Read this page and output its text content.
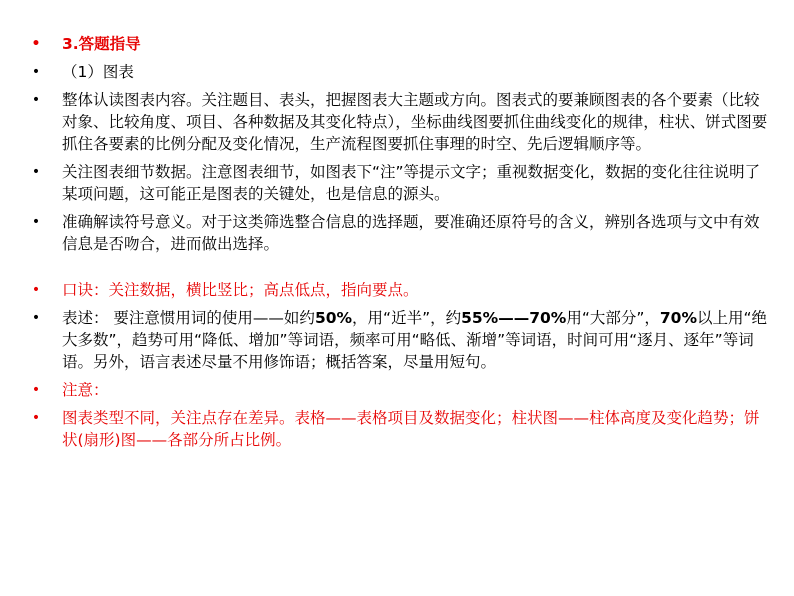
• 3.答题指导
• （1）图表
• 整体认读图表内容。关注题目、表头，把握图表大主题或方向。图表式的要兼顾图表的各个要素（比较对象、比较角度、项目、各种数据及其变化特点），坐标曲线图要抓住曲线变化的规律，柱状、饼式图要抓住各要素的比例分配及变化情况，生产流程图要抓住事理的时空、先后逻辑顺序等。
• 关注图表细节数据。注意图表细节，如图表下“注”等提示文字；重视数据变化，数据的变化往往说明了某项问题，这可能正是图表的关键处，也是信息的源头。
• 准确解读符号意义。对于这类筛选整合信息的选择题，要准确还原符号的含义，辨别各选项与文中有效信息是否吻合，进而做出选择。
• 口诀：关注数据，横比竖比；高点低点，指向要点。
• 表述： 要注意惯用词的使用——如约50%，用“近半”，约55%——70%用“大部分”，70%以上用“绝大多数”，趋势可用“降低、增加”等词语，频率可用“略低、渐增”等词语，时间可用“逐月、逐年”等词语。另外，语言表述尽量不用修饰语；概括答案，尽量用短句。
• 注意：
• 图表类型不同，关注点存在差异。表格——表格项目及数据变化；柱状图——柱体高度及变化趋势；饼状(扇形)图——各部分所占比例。
